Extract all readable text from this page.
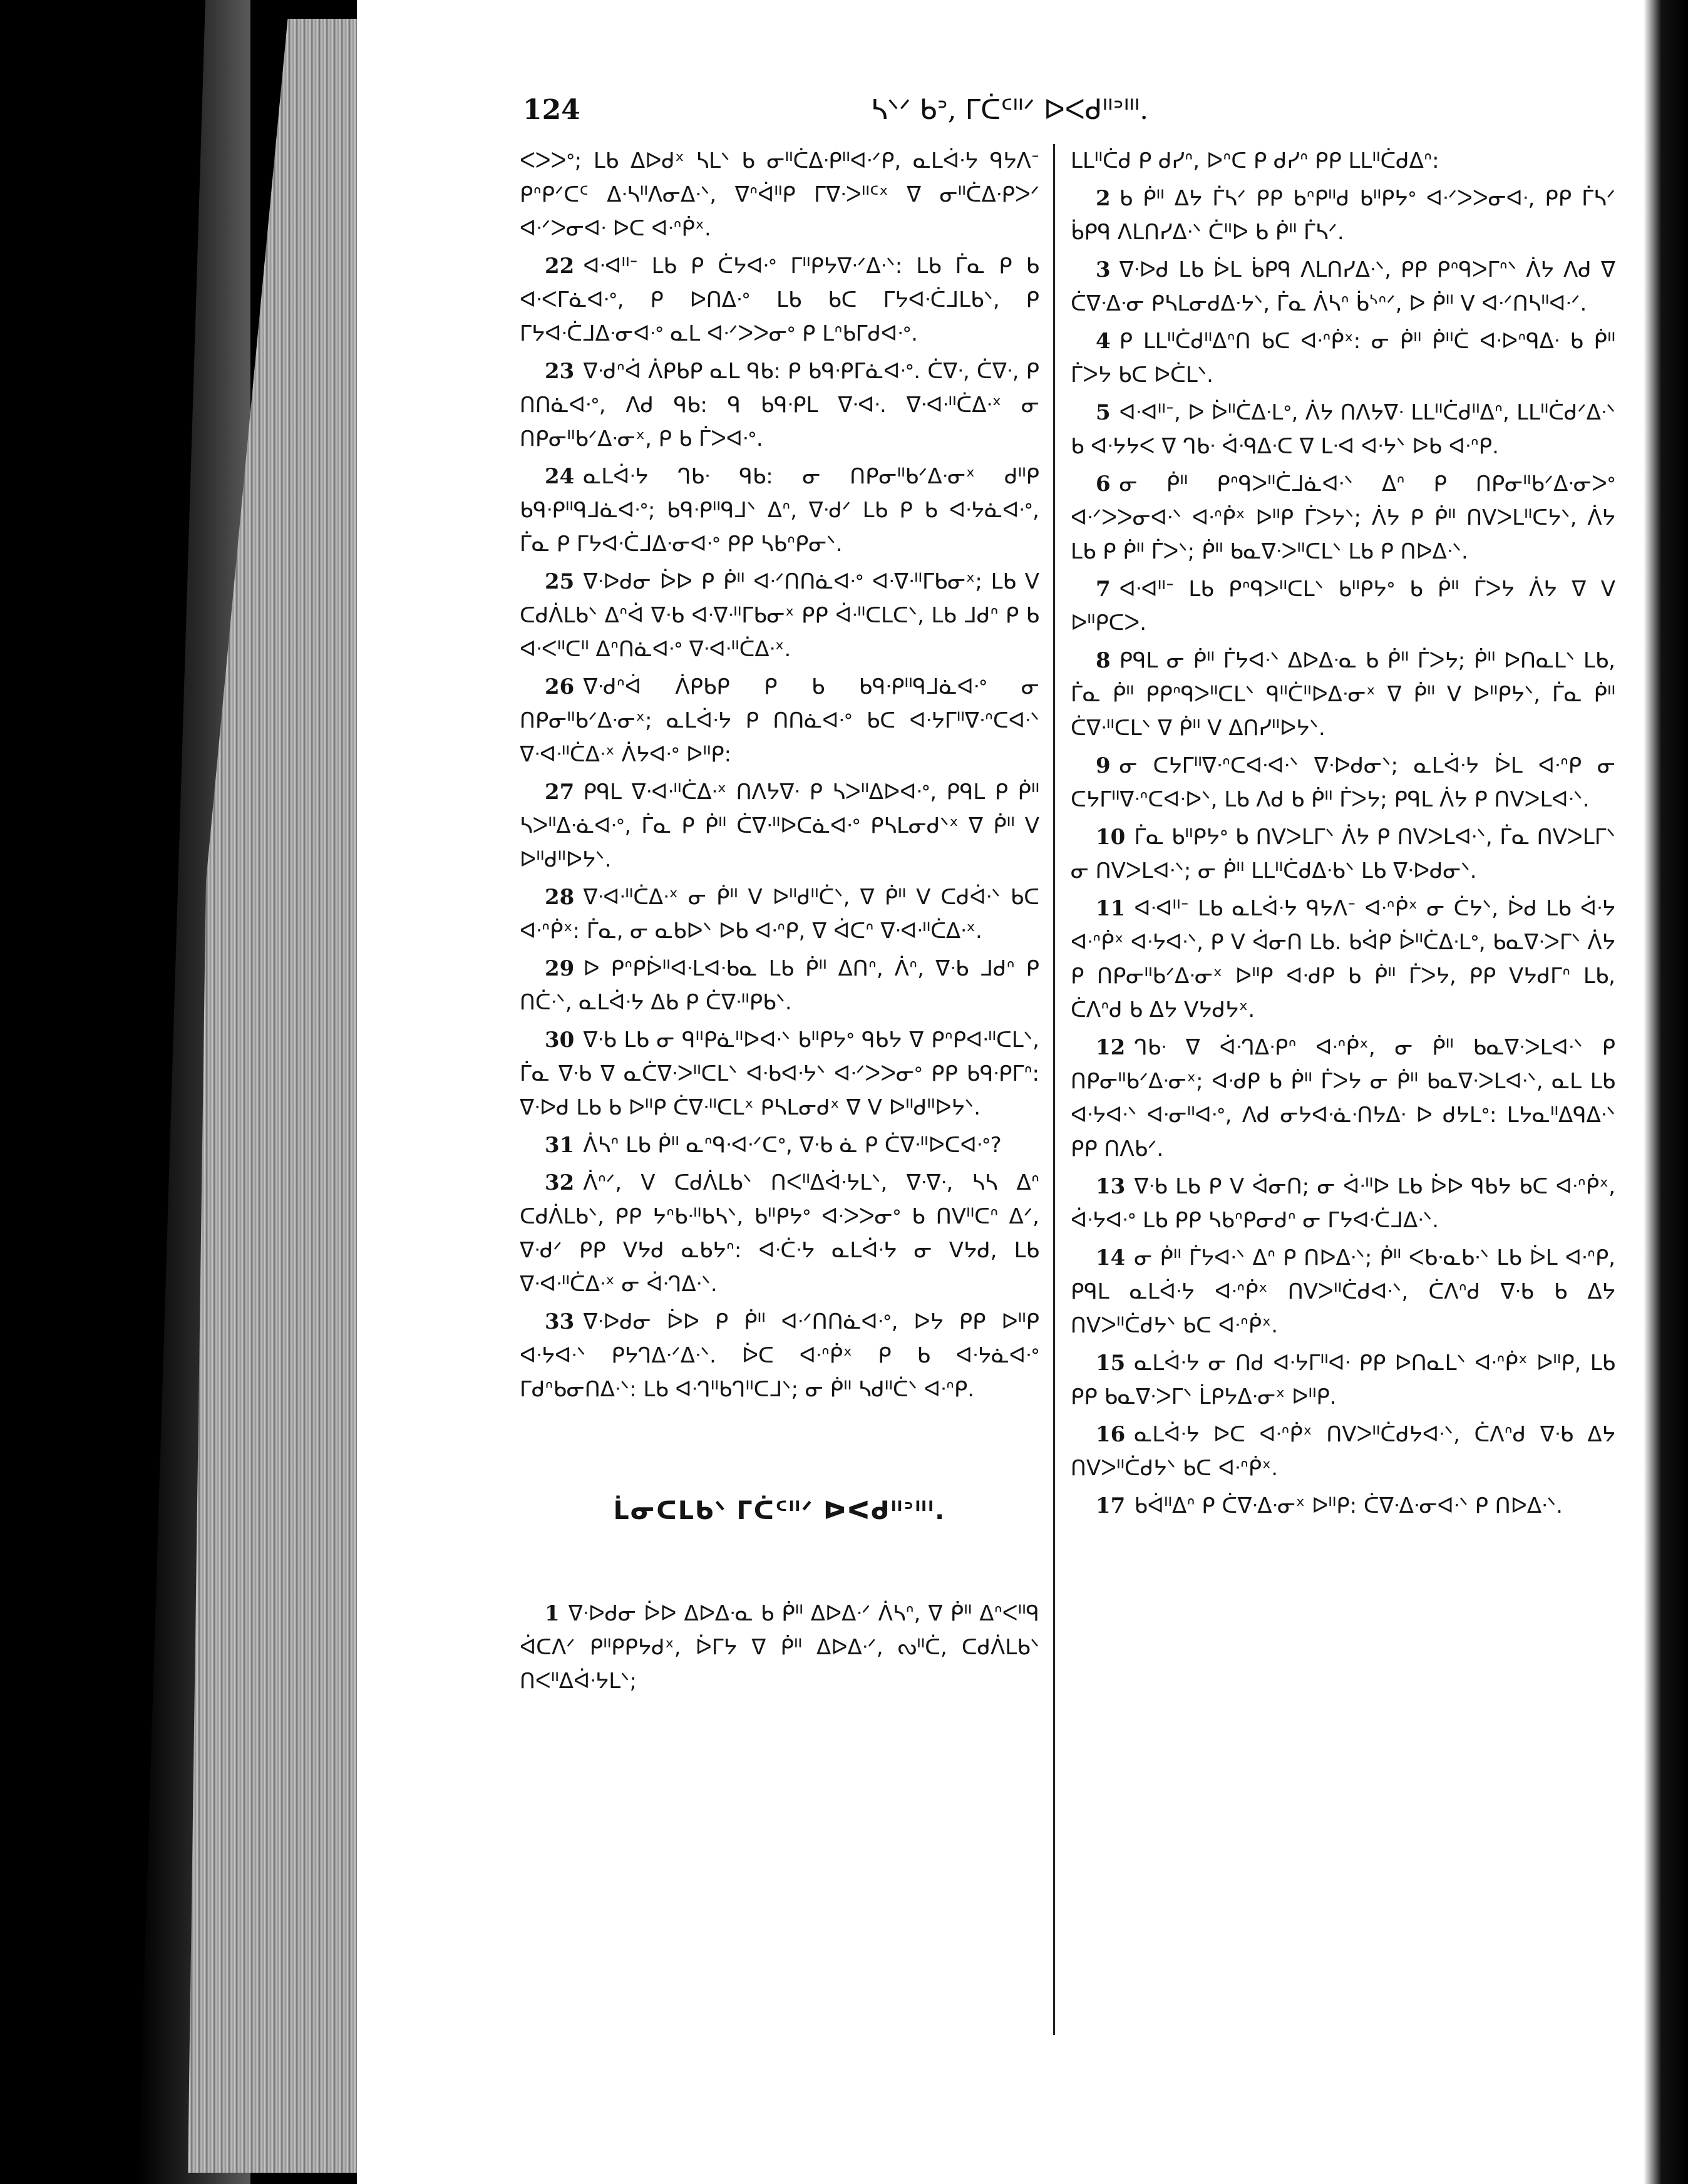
124	ᓴᐠᐟ ᑲᐣ, ᒥᑖᑦᐦᐟ ᐅᐸᑯᐦᐣᐦᑊ.

ᐸᐳᐳᐤ; ᒪᑲ ᐃᐅᑯˣ ᓴᒪᐠ ᑲ ᓂᐦᑖᐃᐧᑭᐦᐊᐧᐟᑭ, ᓇᒪᐋᐧᔭ ᑫᔭᐱᐨ ᑭᐢᑭᐟᑕᑦ ᐃᐧᓴᐦᐱᓂᐃᐧᐠ, ᐁᐢᐋᐦᑭ ᒥᐁᐧᐳᐦᑦˣ ᐁ ᓂᐦᑖᐃᐧᑭᐳᐟ ᐊᐧᐟᐳᓂᐊᐧ ᐅᑕ ᐊᐧᐢᑮˣ.

22 ᐊᐧᐊᐦᐨ ᒪᑲ ᑭ ᑖᔭᐊᐧᐤ ᒥᐦᑭᔭᐁᐧᐟᐃᐧᐠ: ᒪᑲ ᒦᓇ ᑭ ᑲ ᐊᐧᐸᒥᓈᐊᐧᐤ, ᑭ ᐅᑎᐃᐧᐤ ᒪᑲ ᑲᑕ ᒥᔭᐊᐧᑖᒧᒪᑲᐠ, ᑭ ᒥᔭᐊᐧᑖᒧᐃᐧᓂᐊᐧᐤ ᓇᒪ ᐊᐧᐟᐳᐳᓂᐤ ᑭ ᒪᐢᑲᒥᑯᐊᐧᐤ.

23 ᐁᐧᑯᐢᐋ ᐲᑭᑲᑭ ᓇᒪ ᑫᑲ: ᑭ ᑲᑫᐧᑭᒥᓈᐊᐧᐤ. ᑖᐁᐧ, ᑖᐁᐧ, ᑭ ᑎᑎᓈᐊᐧᐤ, ᐱᑯ ᑫᑲ: ᑫ ᑲᑫᐧᑭᒪ ᐁᐧᐊᐧ. ᐁᐧᐊᐧᐦᑖᐃᐧˣ ᓂ ᑎᑭᓂᐦᑲᐟᐃᐧᓂˣ, ᑭ ᑲ ᒦᐳᐊᐧᐤ.

24 ᓇᒪᐋᐧᔭ ᒉᑲᐧ ᑫᑲ: ᓂ ᑎᑭᓂᐦᑲᐟᐃᐧᓂˣ ᑯᐦᑭ ᑲᑫᐧᑭᐦᑫᒧᓈᐊᐧᐤ; ᑲᑫᐧᑭᐦᑫᒧᐠ ᐃᐢ, ᐁᐧᑯᐟ ᒪᑲ ᑭ ᑲ ᐊᐧᔭᓈᐊᐧᐤ, ᒦᓇ ᑭ ᒥᔭᐊᐧᑖᒧᐃᐧᓂᐊᐧᐤ ᑭᑭ ᓴᑲᐢᑭᓂᐠ.

25 ᐁᐧᐅᑯᓂ ᐆᐅ ᑭ ᑮᐦ ᐊᐧᐟᑎᑎᓈᐊᐧᐤ ᐊᐧᐁᐧᐦᒥᑲᓂˣ; ᒪᑲ ᐯ ᑕᑯᐲᒪᑲᐠ ᐃᐢᐋ ᐁᐧᑲ ᐊᐧᐁᐧᐦᒥᑲᓂˣ ᑭᑭ ᐋᐧᐦᑕᒪᑕᐠ, ᒪᑲ ᒧᑯᐢ ᑭ ᑲ ᐊᐧᐸᐦᑕᐦ ᐃᐢᑎᓈᐊᐧᐤ ᐁᐧᐊᐧᐦᑖᐃᐧˣ.

26 ᐁᐧᑯᐢᐋ ᐲᑭᑲᑭ ᑭ ᑲ ᑲᑫᐧᑭᐦᑫᒧᓈᐊᐧᐤ ᓂ ᑎᑭᓂᐦᑲᐟᐃᐧᓂˣ; ᓇᒪᐋᐧᔭ ᑭ ᑎᑎᓈᐊᐧᐤ ᑲᑕ ᐊᐧᔭᒥᐦᐁᐧᐢᑕᐊᐧᐠ ᐁᐧᐊᐧᐦᑖᐃᐧˣ ᐲᔭᐊᐧᐤ ᐅᐦᑭ:

27 ᑭᑫᒪ ᐁᐧᐊᐧᐦᑖᐃᐧˣ ᑎᐱᔭᐁᐧ ᑭ ᓴᐳᐦᐃᐅᐊᐧᐤ, ᑭᑫᒪ ᑭ ᑮᐦ ᓴᐳᐦᐃᐧᓈᐊᐧᐤ, ᒦᓇ ᑭ ᑮᐦ ᑖᐁᐧᐦᐅᑕᓈᐊᐧᐤ ᑭᓴᒪᓂᑯᐠˣ ᐁ ᑮᐦ ᐯ ᐅᐦᑯᐦᐅᔭᐠ.

28 ᐁᐧᐊᐧᐦᑖᐃᐧˣ ᓂ ᑮᐦ ᐯ ᐅᐦᑯᐦᑖᐠ, ᐁ ᑮᐦ ᐯ ᑕᑯᐋᐧᐠ ᑲᑕ ᐊᐧᐢᑮˣ: ᒦᓇ, ᓂ ᓇᑲᐅᐠ ᐅᑲ ᐊᐧᐢᑭ, ᐁ ᐋᑕᐢ ᐁᐧᐊᐧᐦᑖᐃᐧˣ.

29 ᐅ ᑭᐢᑭᐆᐦᐊᐧᒪᐊᐧᑲᓇ ᒪᑲ ᑮᐦ ᐃᑎᐢ, ᐲᐢ, ᐁᐧᑲ ᒧᑯᐢ ᑭ ᑎᑖᐧᐠ, ᓇᒪᐋᐧᔭ ᐃᑲ ᑭ ᑖᐁᐧᐦᑭᑲᐠ.

30 ᐁᐧᑲ ᒪᑲ ᓂ ᑫᐦᑭᓈᐦᐅᐊᐧᐠ ᑲᐦᑭᔭᐤ ᑫᑲᔭ ᐁ ᑭᐢᑭᐊᐧᐦᑕᒪᐠ, ᒦᓇ ᐁᐧᑲ ᐁ ᓇᑖᐁᐧᐳᐦᑕᒪᐠ ᐊᐧᑲᐊᐧᔭᐠ ᐊᐧᐟᐳᐳᓂᐤ ᑭᑭ ᑲᑫᐧᑭᒥᐢ: ᐁᐧᐅᑯ ᒪᑲ ᑲ ᐅᐦᑭ ᑖᐁᐧᐦᑕᒪˣ ᑭᓴᒪᓂᑯˣ ᐁ ᐯ ᐅᐦᑯᐦᐅᔭᐠ.

31 ᐲᓴᐢ ᒪᑲ ᑮᐦ ᓇᐢᑫᐧᐊᐧᐟᑕᐤ, ᐁᐧᑲ ᓈ ᑭ ᑖᐁᐧᐦᐅᑕᐊᐧᐤ?

32 ᐲᐢᐟ, ᐯ ᑕᑯᐲᒪᑲᐠ ᑎᐸᐦᐃᐋᐧᔭᒪᐠ, ᐁᐧᐁᐧ, ᓴᓴ ᐃᐢ ᑕᑯᐲᒪᑲᐠ, ᑭᑭ ᔭᐢᑲᐧᐦᑲᓴᐠ, ᑲᐦᑭᔭᐤ ᐊᐧᐳᐳᓂᐤ ᑲ ᑎᐯᐦᑕᐢ ᐃᐟ, ᐁᐧᑯᐟ ᑭᑭ ᐯᔭᑯ ᓇᑲᔭᐢ: ᐊᐧᑖᐧᔭ ᓇᒪᐋᐧᔭ ᓂ ᐯᔭᑯ, ᒪᑲ ᐁᐧᐊᐧᐦᑖᐃᐧˣ ᓂ ᐋᐧᒉᐃᐧᐠ.

33 ᐁᐧᐅᑯᓂ ᐆᐅ ᑭ ᑮᐦ ᐊᐧᐟᑎᑎᓈᐊᐧᐤ, ᐅᔭ ᑭᑭ ᐅᐦᑭ ᐊᐧᔭᐊᐧᐠ ᑭᔭᒉᐃᐧᐟᐃᐧᐠ. ᐆᑕ ᐊᐧᐢᑮˣ ᑭ ᑲ ᐊᐧᔭᓈᐊᐧᐤ ᒥᑯᐢᑲᓂᑎᐃᐧᐠ: ᒪᑲ ᐊᐧᒉᐦᑲᒉᐦᑕᒧᐠ; ᓂ ᑮᐦ ᓴᑯᐦᑖᐠ ᐊᐧᐢᑭ.

ᒫᓂᑕᒪᑲᐠ ᒥᑖᑦᐦᐟ ᐅᐸᑯᐦᐣᐦᑊ.

1 ᐁᐧᐅᑯᓂ ᐆᐅ ᐃᐅᐃᐧᓇ ᑲ ᑮᐦ ᐃᐅᐃᐧᐟ ᐲᓴᐢ, ᐁ ᑮᐦ ᐃᐢᐸᐦᑫ ᐋᑕᐱᐟ ᑭᐦᑭᑭᔭᑯˣ, ᐆᒥᔭ ᐁ ᑮᐦ ᐃᐅᐃᐧᐟ, ᔓᐦᑖ, ᑕᑯᐲᒪᑲᐠ ᑎᐸᐦᐃᐋᐧᔭᒪᐠ;

ᒪᒪᐦᑖᑯ ᑭ ᑯᓯᐢ, ᐅᐢᑕ ᑭ ᑯᓯᐢ ᑭᑭ ᒪᒪᐦᑖᑯᐃᐢ:

2 ᑲ ᑮᐦ ᐃᔭ ᒦᓴᐟ ᑭᑭ ᑲᐢᑭᐦᑯ ᑲᐦᑭᔭᐤ ᐊᐧᐟᐳᐳᓂᐊᐧ, ᑭᑭ ᒦᓴᐟ ᑳᑭᑫ ᐱᒪᑎᓯᐃᐧᐠ ᑖᐦᐅ ᑲ ᑮᐦ ᒦᓴᐟ.

3 ᐁᐧᐅᑯ ᒪᑲ ᐆᒪ ᑳᑭᑫ ᐱᒪᑎᓯᐃᐧᐠ, ᑭᑭ ᑭᐢᑫᐳᒥᐢᐠ ᐲᔭ ᐱᑯ ᐁ ᑖᐁᐧᐃᐧᓂ ᑭᓴᒪᓂᑯᐃᐧᔭᐠ, ᒦᓇ ᐲᓴᐢ ᑳᔅᐢᐟ, ᐅ ᑮᐦ ᐯ ᐊᐧᐟᑎᓴᐦᐊᐧᐟ.

4 ᑭ ᒪᒪᐦᑖᑯᐦᐃᐢᑎ ᑲᑕ ᐊᐧᐢᑮˣ: ᓂ ᑮᐦ ᑮᐦᑖ ᐊᐧᐅᐢᑫᐃᐧ ᑲ ᑮᐦ ᒦᐳᔭ ᑲᑕ ᐅᑖᒪᐠ.

5 ᐊᐧᐊᐦᐨ, ᐅ ᐆᐦᑖᐃᐧᒪᐤ, ᐲᔭ ᑎᐱᔭᐁᐧ ᒪᒪᐦᑖᑯᐦᐃᐢ, ᒪᒪᐦᑖᑯᐟᐃᐧᐠ ᑲ ᐊᐧᔭᔭᐸ ᐁ ᒉᑲᐧ ᐋᐧᑫᐃᐧᑕ ᐁ ᒪᐧᐊ ᐊᐧᔭᐠ ᐅᑲ ᐊᐧᐢᑭ.

6 ᓂ ᑮᐦ ᑭᐢᑫᐳᐦᑖᒧᓈᐊᐧᐠ ᐃᐢ ᑭ ᑎᑭᓂᐦᑲᐟᐃᐧᓂᐳᐤ ᐊᐧᐟᐳᐳᓂᐊᐧᐠ ᐊᐧᐢᑮˣ ᐅᐦᑭ ᒦᐳᔭᐠ; ᐲᔭ ᑭ ᑮᐦ ᑎᐯᐳᒪᐦᑕᔭᐠ, ᐲᔭ ᒪᑲ ᑭ ᑮᐦ ᒦᐳᐠ; ᑮᐦ ᑲᓇᐁᐧᐳᐦᑕᒪᐠ ᒪᑲ ᑭ ᑎᐅᐃᐧᐠ.

7 ᐊᐧᐊᐦᐨ ᒪᑲ ᑭᐢᑫᐳᐦᑕᒪᐠ ᑲᐦᑭᔭᐤ ᑲ ᑮᐦ ᒦᐳᔭ ᐲᔭ ᐁ ᐯ ᐅᐦᑭᑕᐳ.

8 ᑭᑫᒪ ᓂ ᑮᐦ ᒦᔭᐊᐧᐠ ᐃᐅᐃᐧᓇ ᑲ ᑮᐦ ᒦᐳᔭ; ᑮᐦ ᐅᑎᓇᒪᐠ ᒪᑲ, ᒦᓇ ᑮᐦ ᑭᑭᐢᑫᐳᐦᑕᒪᐠ ᑫᐦᑖᐦᐅᐃᐧᓂˣ ᐁ ᑮᐦ ᐯ ᐅᐦᑭᔭᐠ, ᒦᓇ ᑮᐦ ᑖᐁᐧᐦᑕᒪᐠ ᐁ ᑮᐦ ᐯ ᐃᑎᓯᐦᐅᔭᐠ.

9 ᓂ ᑕᔭᒥᐦᐁᐧᐢᑕᐊᐧᐊᐧᐠ ᐁᐧᐅᑯᓂᐠ; ᓇᒪᐋᐧᔭ ᐆᒪ ᐊᐧᐢᑭ ᓂ ᑕᔭᒥᐦᐁᐧᐢᑕᐊᐧᐅᐠ, ᒪᑲ ᐱᑯ ᑲ ᑮᐦ ᒦᐳᔭ; ᑭᑫᒪ ᐲᔭ ᑭ ᑎᐯᐳᒪᐊᐧᐠ.

10 ᒦᓇ ᑲᐦᑭᔭᐤ ᑲ ᑎᐯᐳᒪᒥᐠ ᐲᔭ ᑭ ᑎᐯᐳᒪᐊᐧᐠ, ᒦᓇ ᑎᐯᐳᒪᒥᐠ ᓂ ᑎᐯᐳᒪᐊᐧᐠ; ᓂ ᑮᐦ ᒪᒪᐦᑖᑯᐃᐧᑲᐠ ᒪᑲ ᐁᐧᐅᑯᓂᐠ.

11 ᐊᐧᐊᐦᐨ ᒪᑲ ᓇᒪᐋᐧᔭ ᑫᔭᐱᐨ ᐊᐧᐢᑮˣ ᓂ ᑖᔭᐠ, ᐆᑯ ᒪᑲ ᐋᐧᔭ ᐊᐧᐢᑮˣ ᐊᐧᔭᐊᐧᐠ, ᑭ ᐯ ᐋᓂᑎ ᒪᑲ. ᑲᐋᑭ ᐆᐦᑖᐃᐧᒪᐤ, ᑲᓇᐁᐧᐳᒥᐠ ᐲᔭ ᑭ ᑎᑭᓂᐦᑲᐟᐃᐧᓂˣ ᐅᐦᑭ ᐊᐧᑯᑭ ᑲ ᑮᐦ ᒦᐳᔭ, ᑭᑭ ᐯᔭᑯᒥᐢ ᒪᑲ, ᑖᐱᐢᑯ ᑲ ᐃᔭ ᐯᔭᑯᔭˣ.

12 ᒉᑲᐧ ᐁ ᐋᐧᒉᐃᐧᑭᐢ ᐊᐧᐢᑮˣ, ᓂ ᑮᐦ ᑲᓇᐁᐧᐳᒪᐊᐧᐠ ᑭ ᑎᑭᓂᐦᑲᐟᐃᐧᓂˣ; ᐊᐧᑯᑭ ᑲ ᑮᐦ ᒦᐳᔭ ᓂ ᑮᐦ ᑲᓇᐁᐧᐳᒪᐊᐧᐠ, ᓇᒪ ᒪᑲ ᐊᐧᔭᐊᐧᐠ ᐊᐧᓂᐦᐊᐧᐤ, ᐱᑯ ᓂᔭᐊᐧᓈᐧᑎᔭᐃᐧ ᐅ ᑯᔭᒪᐤ: ᒪᔭᓇᐦᐃᑫᐃᐧᐠ ᑭᑭ ᑎᐱᑲᐟ.

13 ᐁᐧᑲ ᒪᑲ ᑭ ᐯ ᐋᓂᑎ; ᓂ ᐋᐧᐦᐅ ᒪᑲ ᐆᐅ ᑫᑲᔭ ᑲᑕ ᐊᐧᐢᑮˣ, ᐋᐧᔭᐊᐧᐤ ᒪᑲ ᑭᑭ ᓴᑲᐢᑭᓂᑯᐢ ᓂ ᒥᔭᐊᐧᑖᒧᐃᐧᐠ.

14 ᓂ ᑮᐦ ᒦᔭᐊᐧᐠ ᐃᐢ ᑭ ᑎᐅᐃᐧᐠ; ᑮᐦ ᐸᑲᐧᓇᑲᐧᐠ ᒪᑲ ᐆᒪ ᐊᐧᐢᑭ, ᑭᑫᒪ ᓇᒪᐋᐧᔭ ᐊᐧᐢᑮˣ ᑎᐯᐳᐦᑖᑯᐊᐧᐠ, ᑖᐱᐢᑯ ᐁᐧᑲ ᑲ ᐃᔭ ᑎᐯᐳᐦᑖᑯᔭᐠ ᑲᑕ ᐊᐧᐢᑮˣ.

15 ᓇᒪᐋᐧᔭ ᓂ ᑎᑯ ᐊᐧᔭᒥᐦᐊᐧ ᑭᑭ ᐅᑎᓇᒪᐠ ᐊᐧᐢᑮˣ ᐅᐦᑭ, ᒪᑲ ᑭᑭ ᑲᓇᐁᐧᐳᒥᐠ ᒫᑭᔭᐃᐧᓂˣ ᐅᐦᑭ.

16 ᓇᒪᐋᐧᔭ ᐅᑕ ᐊᐧᐢᑮˣ ᑎᐯᐳᐦᑖᑯᔭᐊᐧᐠ, ᑖᐱᐢᑯ ᐁᐧᑲ ᐃᔭ ᑎᐯᐳᐦᑖᑯᔭᐠ ᑲᑕ ᐊᐧᐢᑮˣ.

17 ᑲᐋᐦᐃᐢ ᑭ ᑖᐁᐧᐃᐧᓂˣ ᐅᐦᑭ: ᑖᐁᐧᐃᐧᓂᐊᐧᐠ ᑭ ᑎᐅᐃᐧᐠ.
